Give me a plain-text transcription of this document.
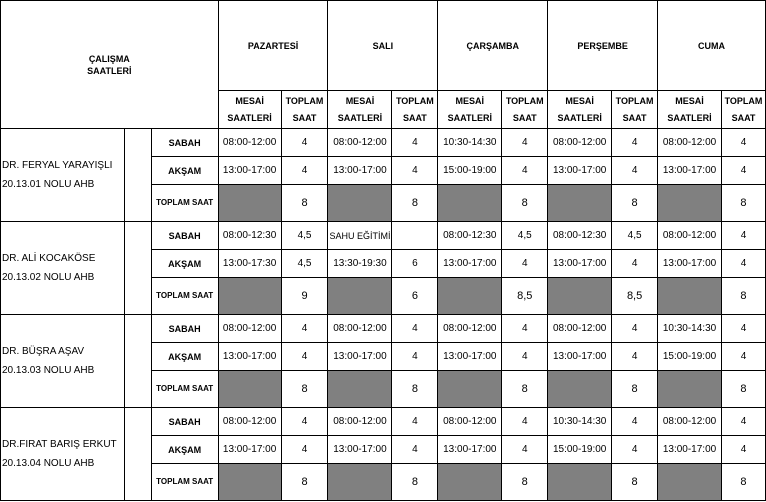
ÇALIŞMA
SAATLERİ			PAZARTESİ		SALI		ÇARŞAMBA		PERŞEMBE		CUMA	
			MESAİ SAATLERİ	TOPLAM SAAT	MESAİ SAATLERİ	TOPLAM SAAT	MESAİ SAATLERİ	TOPLAM SAAT	MESAİ SAATLERİ	TOPLAM SAAT	MESAİ SAATLERİ	TOPLAM SAAT

DR. FERYAL YARAYIŞLI
20.13.01 NOLU AHB		SABAH	08:00-12:00	4	08:00-12:00	4	10:30-14:30	4	08:00-12:00	4	08:00-12:00	4
		AKŞAM	13:00-17:00	4	13:00-17:00	4	15:00-19:00	4	13:00-17:00	4	13:00-17:00	4
		TOPLAM SAAT		8		8		8		8		8

DR. ALİ KOCAKÖSE
20.13.02 NOLU AHB		SABAH	08:00-12:30	4,5	SAHU EĞİTİMİ		08:00-12:30	4,5	08:00-12:30	4,5	08:00-12:00	4
		AKŞAM	13:00-17:30	4,5	13:30-19:30	6	13:00-17:00	4	13:00-17:00	4	13:00-17:00	4
		TOPLAM SAAT		9		6		8,5		8,5		8

DR. BÜŞRA AŞAV
20.13.03 NOLU AHB		SABAH	08:00-12:00	4	08:00-12:00	4	08:00-12:00	4	08:00-12:00	4	10:30-14:30	4
		AKŞAM	13:00-17:00	4	13:00-17:00	4	13:00-17:00	4	13:00-17:00	4	15:00-19:00	4
		TOPLAM SAAT		8		8		8		8		8

DR.FIRAT BARIŞ ERKUT
20.13.04 NOLU AHB		SABAH	08:00-12:00	4	08:00-12:00	4	08:00-12:00	4	10:30-14:30	4	08:00-12:00	4
		AKŞAM	13:00-17:00	4	13:00-17:00	4	13:00-17:00	4	15:00-19:00	4	13:00-17:00	4
		TOPLAM SAAT		8		8		8		8		8
